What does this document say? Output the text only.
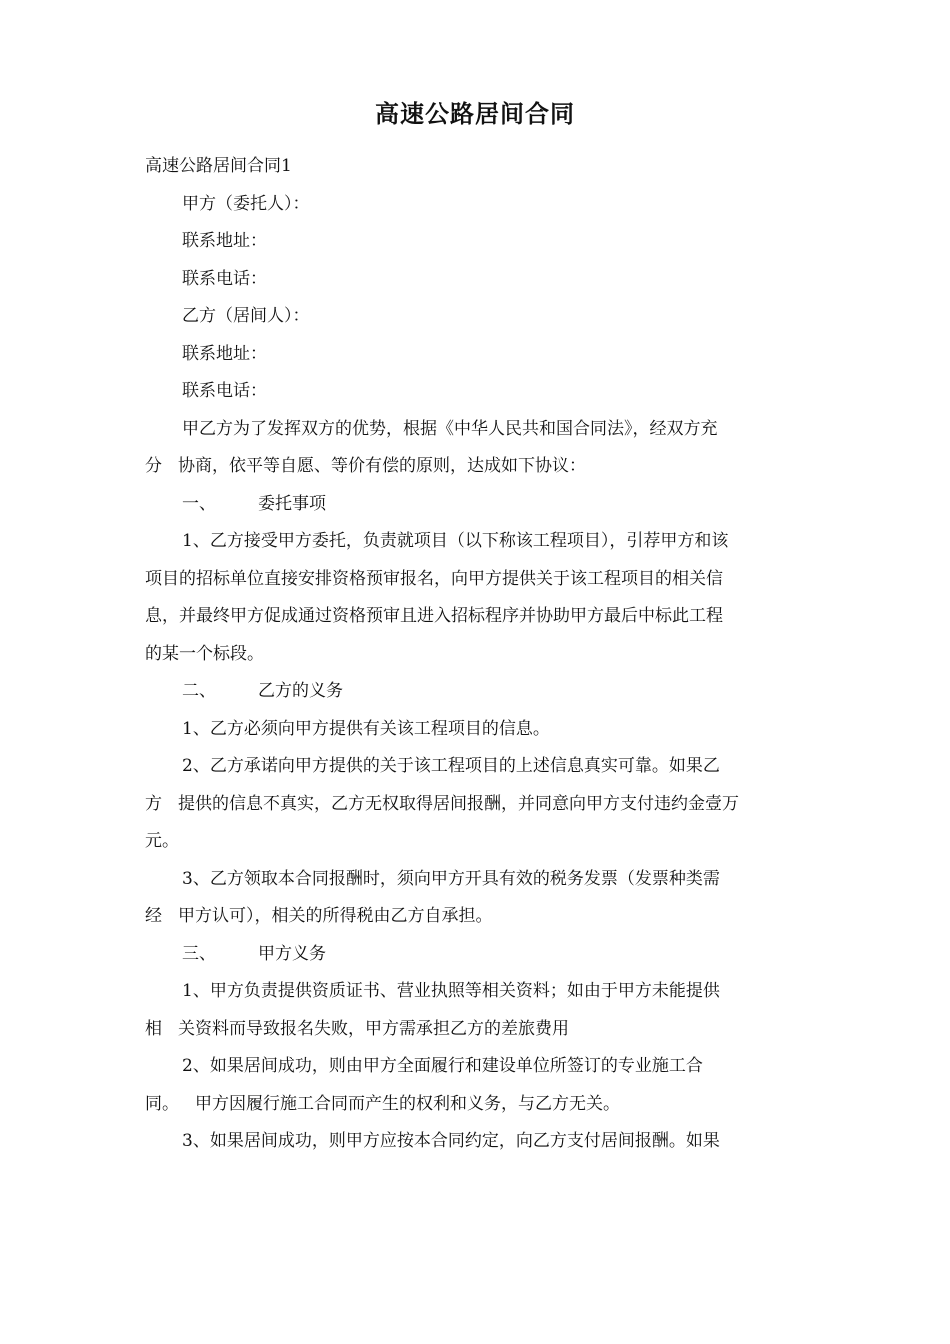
高速公路居间合同
高速公路居间合同1
甲方（委托人）：
联系地址：
联系电话：
乙方（居间人）：
联系地址：
联系电话：
甲乙方为了发挥双方的优势，根据《中华人民共和国合同法》，经双方充
分 协商，依平等自愿、等价有偿的原则，达成如下协议：
一、 委托事项
1、乙方接受甲方委托，负责就项目（以下称该工程项目），引荐甲方和该
项目的招标单位直接安排资格预审报名，向甲方提供关于该工程项目的相关信
息，并最终甲方促成通过资格预审且进入招标程序并协助甲方最后中标此工程
的某一个标段。
二、 乙方的义务
1、乙方必须向甲方提供有关该工程项目的信息。
2、乙方承诺向甲方提供的关于该工程项目的上述信息真实可靠。如果乙
方 提供的信息不真实，乙方无权取得居间报酬，并同意向甲方支付违约金壹万
元。
3、乙方领取本合同报酬时，须向甲方开具有效的税务发票（发票种类需
经 甲方认可），相关的所得税由乙方自承担。
三、 甲方义务
1、甲方负责提供资质证书、营业执照等相关资料；如由于甲方未能提供
相 关资料而导致报名失败，甲方需承担乙方的差旅费用
2、如果居间成功，则由甲方全面履行和建设单位所签订的专业施工合
同。 甲方因履行施工合同而产生的权利和义务，与乙方无关。
3、如果居间成功，则甲方应按本合同约定，向乙方支付居间报酬。如果
